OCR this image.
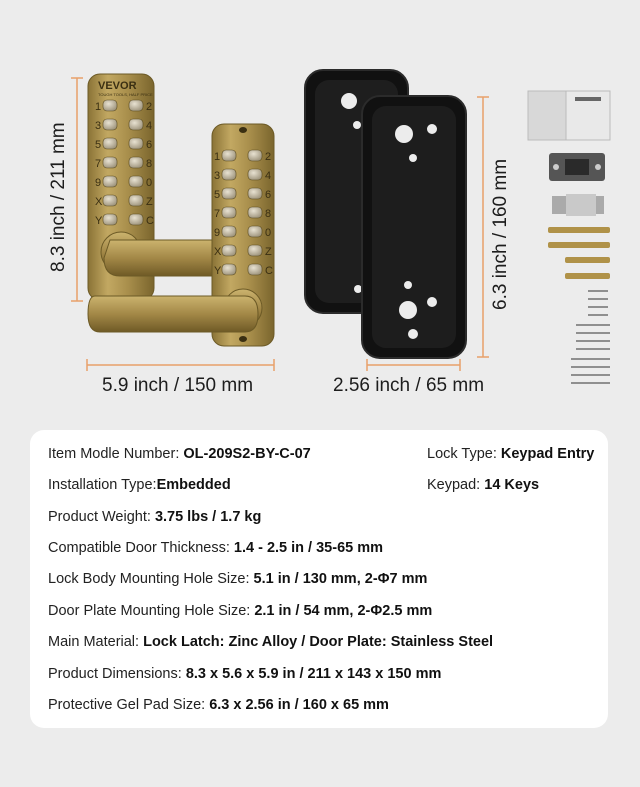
1	2
3	4
5	6
7	8
9	0
X	Z
Y	C
1	2
3	4
5	6
7	8
9	0
X	Z
Y	C
VEVOR
TOUGH TOOLS, HALF PRICE
8.3 inch / 211 mm
5.9 inch / 150 mm
6.3 inch / 160 mm
2.56 inch / 65 mm
Item Modle Number: OL-209S2-BY-C-07	Lock Type: Keypad Entry
Installation Type:Embedded	Keypad: 14 Keys
Product Weight: 3.75 lbs / 1.7 kg
Compatible Door Thickness: 1.4 - 2.5 in / 35-65 mm
Lock Body Mounting Hole Size: 5.1 in / 130 mm, 2-Φ7 mm
Door Plate Mounting Hole Size: 2.1 in / 54 mm, 2-Φ2.5 mm
Main Material: Lock Latch: Zinc Alloy / Door Plate: Stainless Steel
Product Dimensions: 8.3 x 5.6 x 5.9 in / 211 x 143 x 150 mm
Protective Gel Pad Size: 6.3 x 2.56 in / 160 x 65 mm
